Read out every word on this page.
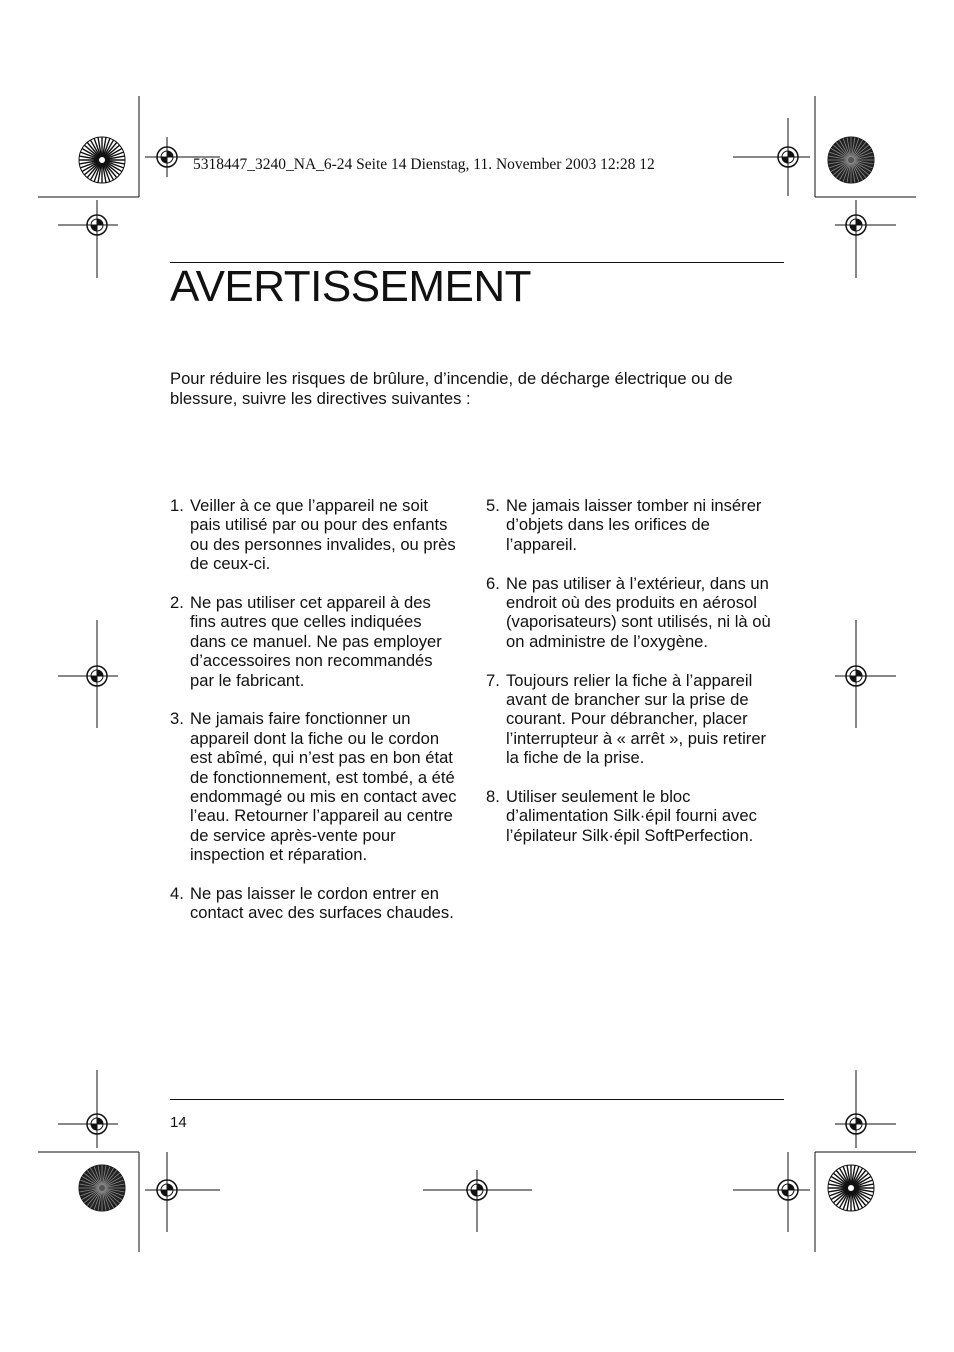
5318447_3240_NA_6-24 Seite 14 Dienstag, 11. November 2003 12:28 12
AVERTISSEMENT
Pour réduire les risques de brûlure, d’incendie, de décharge électrique ou de blessure, suivre les directives suivantes :
1. Veiller à ce que l’appareil ne soit pais utilisé par ou pour des enfants ou des personnes invalides, ou près de ceux-ci.
2. Ne pas utiliser cet appareil à des fins autres que celles indiquées dans ce manuel. Ne pas employer d’accessoires non recommandés par le fabricant.
3. Ne jamais faire fonctionner un appareil dont la fiche ou le cordon est abîmé, qui n’est pas en bon état de fonctionnement, est tombé, a été endommagé ou mis en contact avec l’eau. Retourner l’appareil au centre de service après-vente pour inspection et réparation.
4. Ne pas laisser le cordon entrer en contact avec des surfaces chaudes.
5. Ne jamais laisser tomber ni insérer d’objets dans les orifices de l’appareil.
6. Ne pas utiliser à l’extérieur, dans un endroit où des produits en aérosol (vaporisateurs) sont utilisés, ni là où on administre de l’oxygène.
7. Toujours relier la fiche à l’appareil avant de brancher sur la prise de courant. Pour débrancher, placer l’interrupteur à « arrêt », puis retirer la fiche de la prise.
8. Utiliser seulement le bloc d’alimentation Silk·épil fourni avec l’épilateur Silk·épil SoftPerfection.
14
